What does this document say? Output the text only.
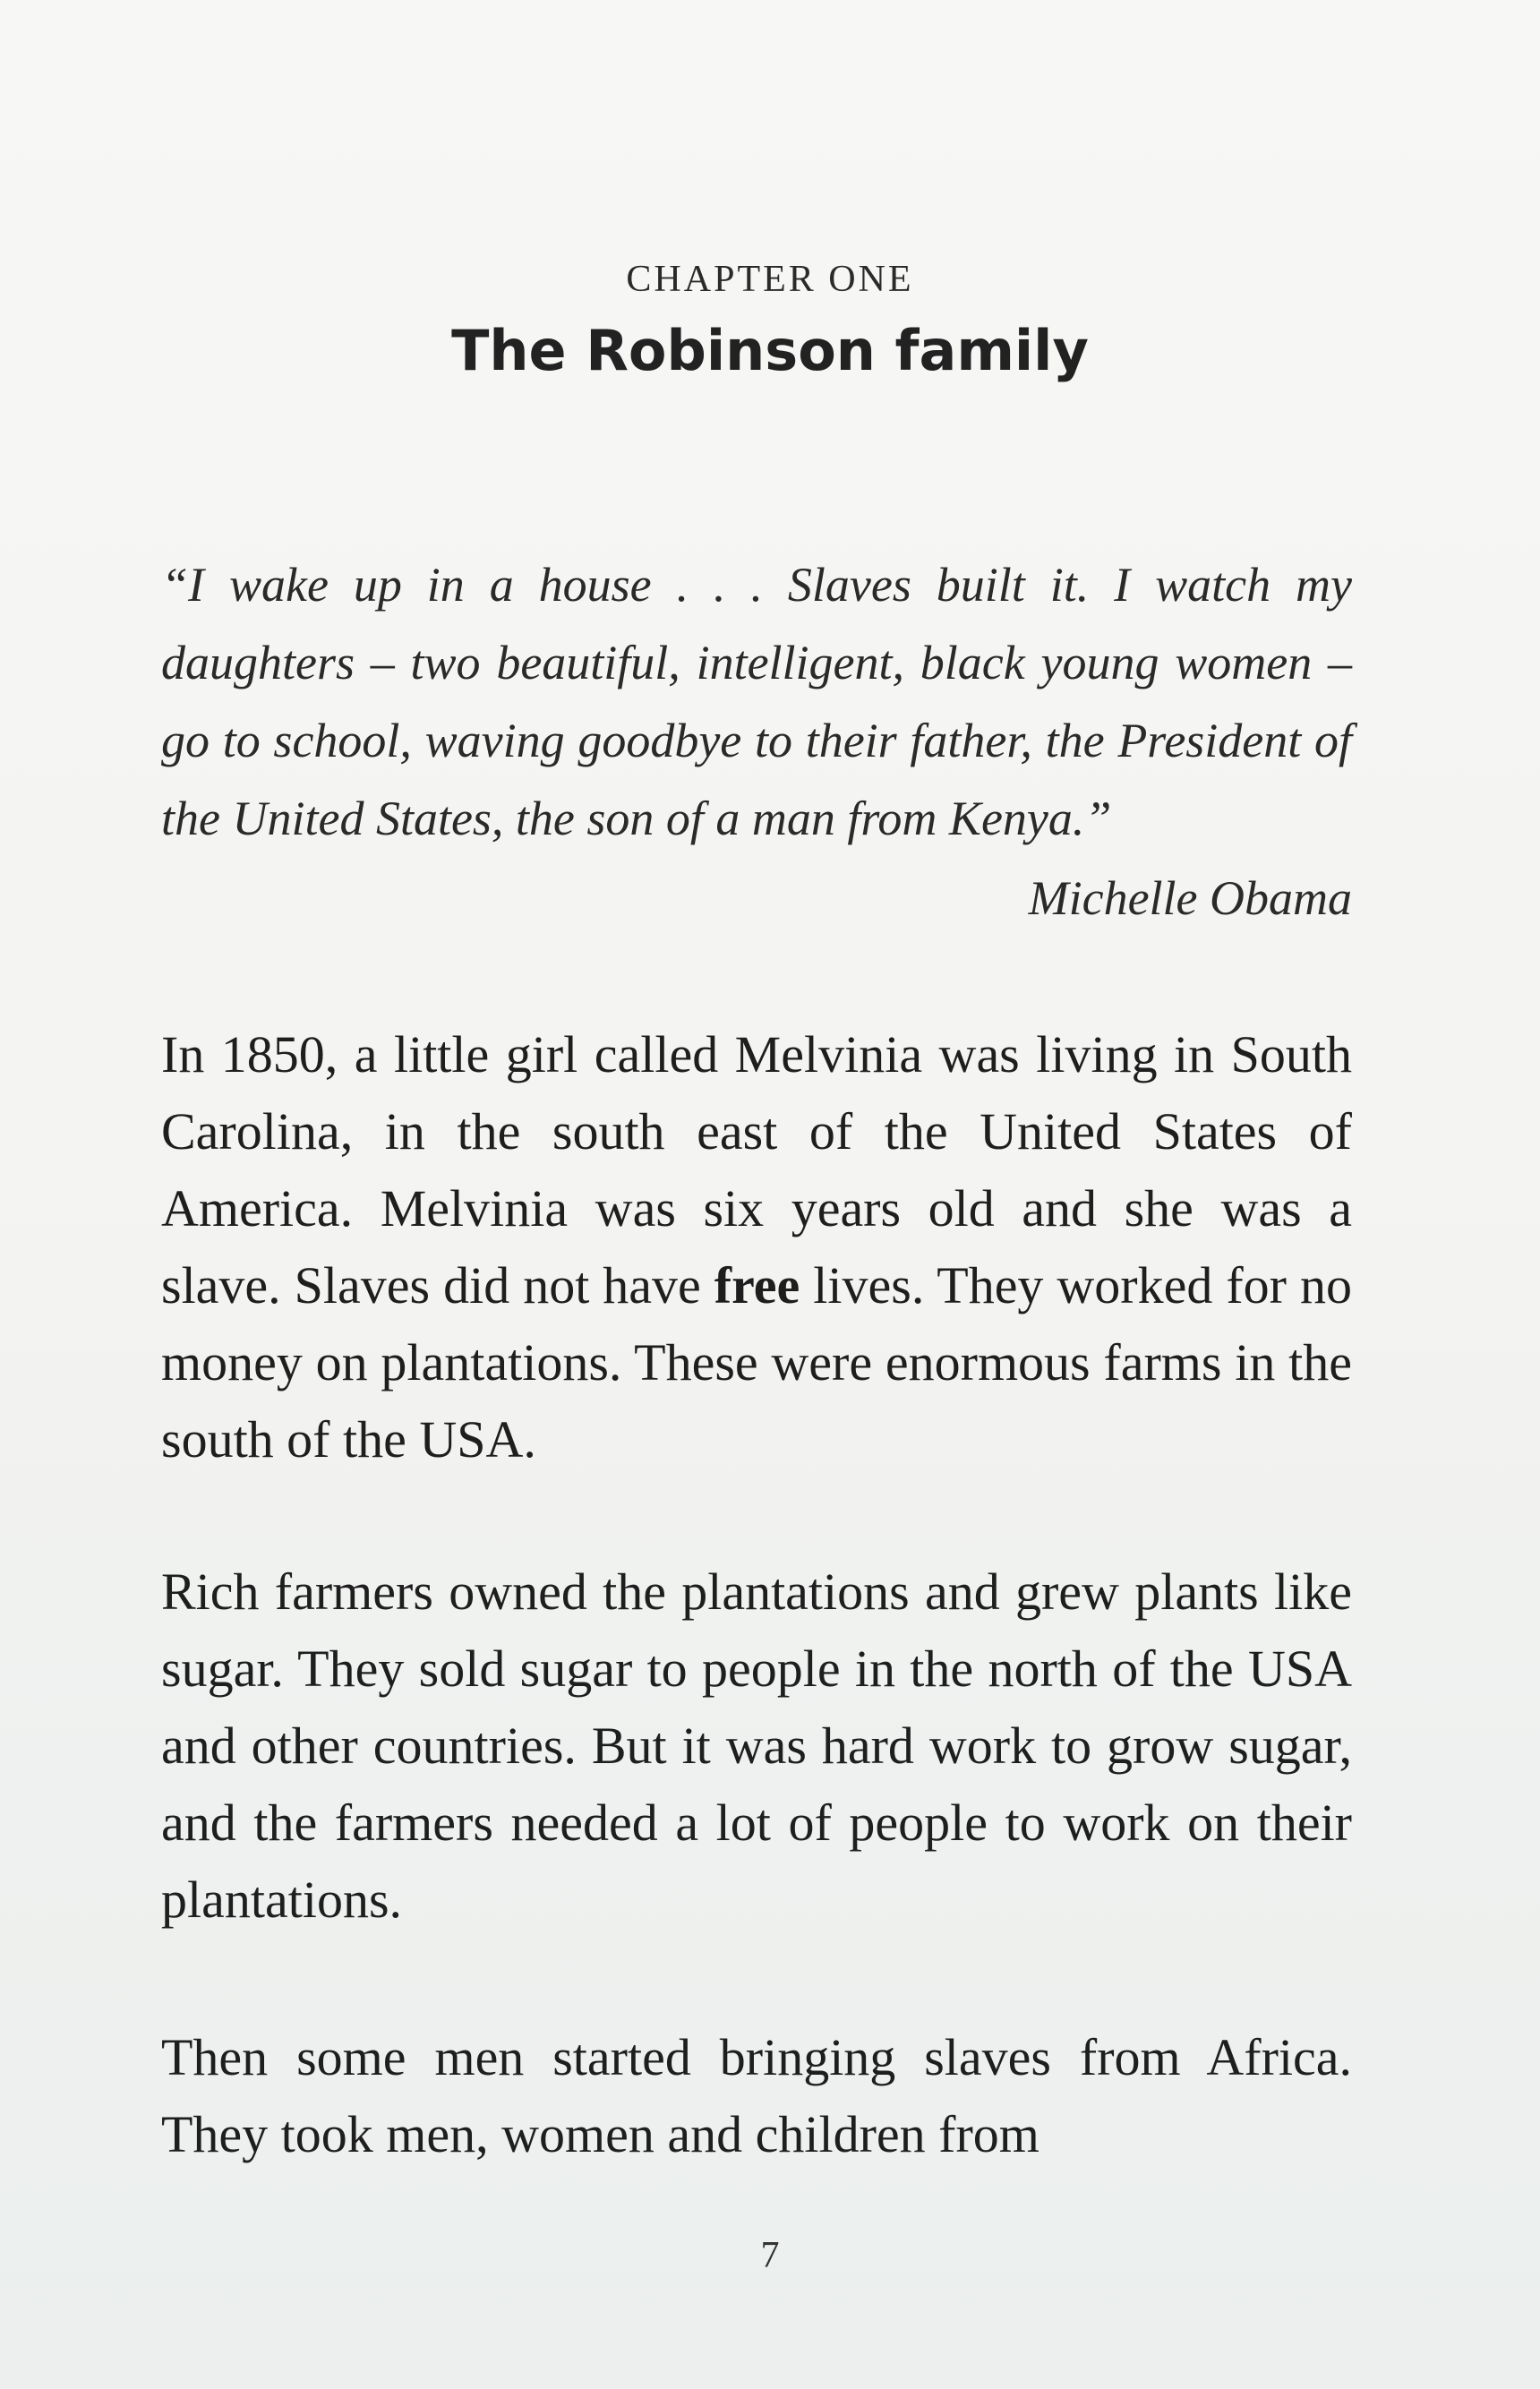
CHAPTER ONE
The Robinson family
“I wake up in a house . . . Slaves built it. I watch my daughters – two beautiful, intelligent, black young women – go to school, waving goodbye to their father, the President of the United States, the son of a man from Kenya.”
Michelle Obama
In 1850, a little girl called Melvinia was living in South Carolina, in the south east of the United States of America. Melvinia was six years old and she was a slave. Slaves did not have free lives. They worked for no money on plantations. These were enormous farms in the south of the USA.
Rich farmers owned the plantations and grew plants like sugar. They sold sugar to people in the north of the USA and other countries. But it was hard work to grow sugar, and the farmers needed a lot of people to work on their plantations.
Then some men started bringing slaves from Africa. They took men, women and children from
7
